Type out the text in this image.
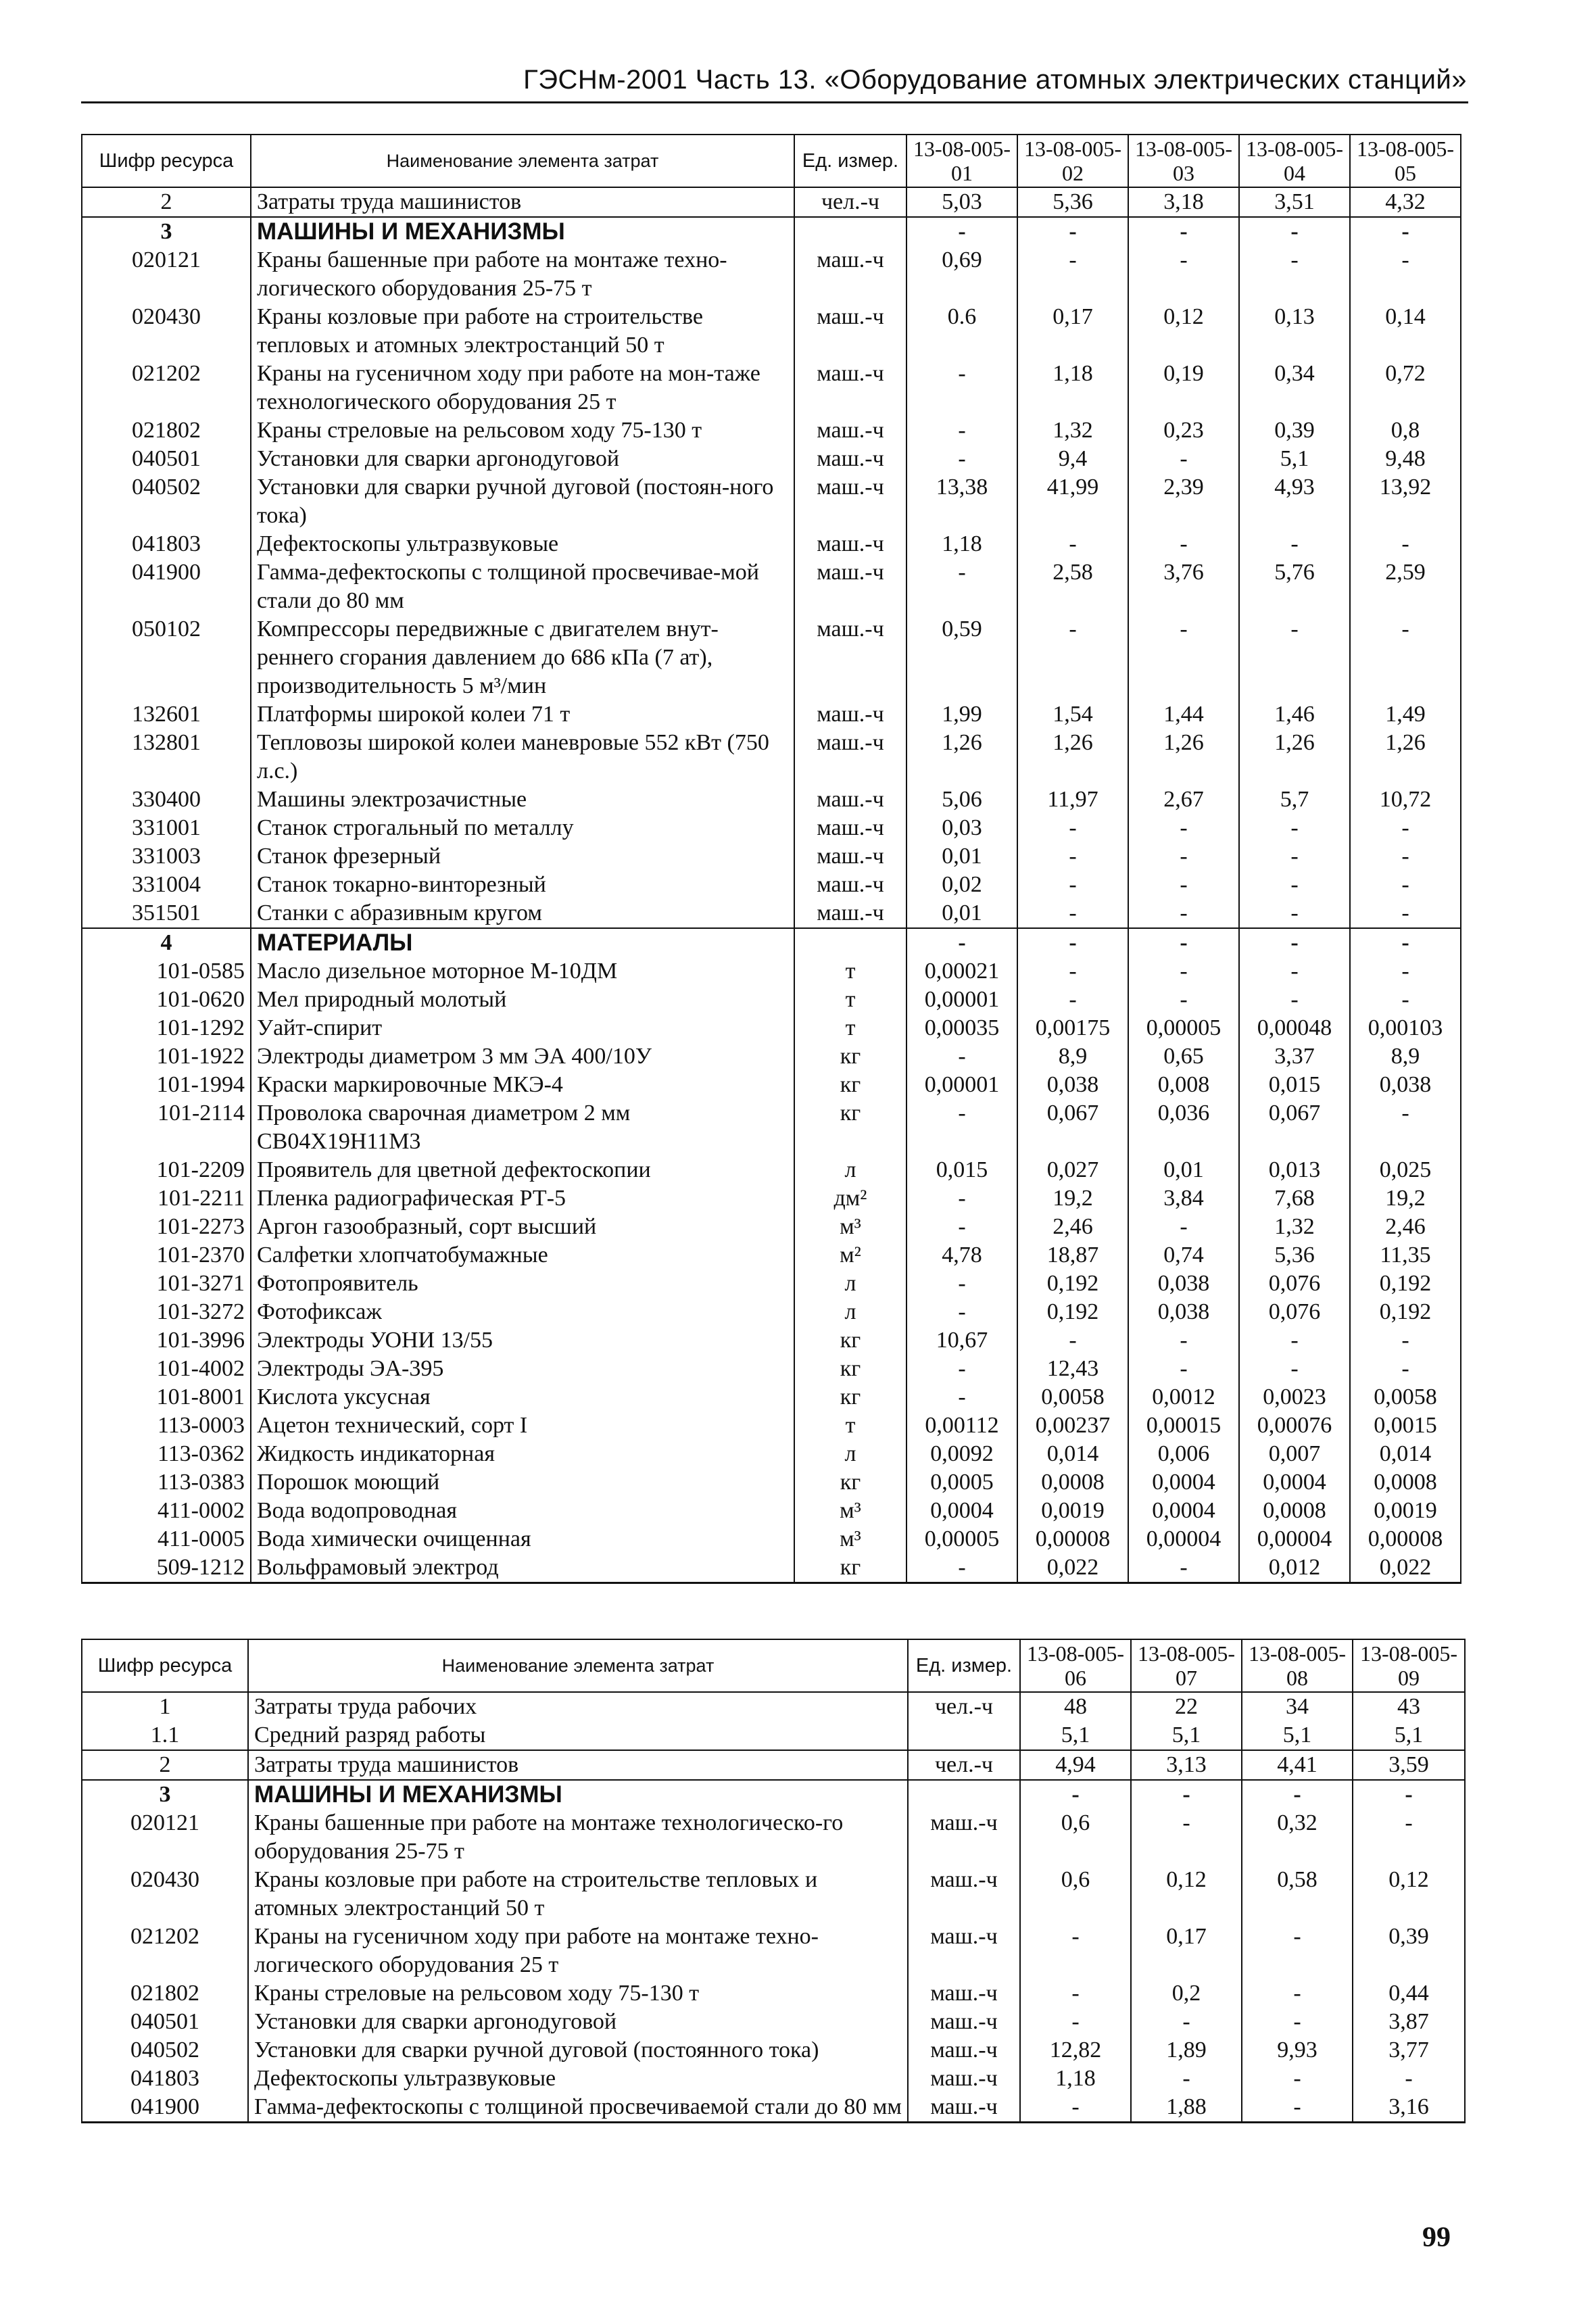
ГЭСНм-2001 Часть 13. «Оборудование атомных электрических станций»
Шифр ресурса	Наименование элемента затрат	Ед. измер.	13-08-005-01	13-08-005-02	13-08-005-03	13-08-005-04	13-08-005-05
2	Затраты труда машинистов	чел.-ч	5,03	5,36	3,18	3,51	4,32
3	МАШИНЫ И МЕХАНИЗМЫ		-	-	-	-	-
020121	Краны башенные при работе на монтаже техно-логического оборудования 25-75 т	маш.-ч	0,69	-	-	-	-
020430	Краны козловые при работе на строительстве тепловых и атомных электростанций 50 т	маш.-ч	0.6	0,17	0,12	0,13	0,14
021202	Краны на гусеничном ходу при работе на мон-таже технологического оборудования 25 т	маш.-ч	-	1,18	0,19	0,34	0,72
021802	Краны стреловые на рельсовом ходу 75-130 т	маш.-ч	-	1,32	0,23	0,39	0,8
040501	Установки для сварки аргонодуговой	маш.-ч	-	9,4	-	5,1	9,48
040502	Установки для сварки ручной дуговой (постоян-ного тока)	маш.-ч	13,38	41,99	2,39	4,93	13,92
041803	Дефектоскопы ультразвуковые	маш.-ч	1,18	-	-	-	-
041900	Гамма-дефектоскопы с толщиной просвечивае-мой стали до 80 мм	маш.-ч	-	2,58	3,76	5,76	2,59
050102	Компрессоры передвижные с двигателем внут-реннего сгорания давлением до 686 кПа (7 ат), производительность 5 м³/мин	маш.-ч	0,59	-	-	-	-
132601	Платформы широкой колеи 71 т	маш.-ч	1,99	1,54	1,44	1,46	1,49
132801	Тепловозы широкой колеи маневровые 552 кВт (750 л.с.)	маш.-ч	1,26	1,26	1,26	1,26	1,26
330400	Машины электрозачистные	маш.-ч	5,06	11,97	2,67	5,7	10,72
331001	Станок строгальный по металлу	маш.-ч	0,03	-	-	-	-
331003	Станок фрезерный	маш.-ч	0,01	-	-	-	-
331004	Станок токарно-винторезный	маш.-ч	0,02	-	-	-	-
351501	Станки с абразивным кругом	маш.-ч	0,01	-	-	-	-
4	МАТЕРИАЛЫ		-	-	-	-	-
101-0585	Масло дизельное моторное М-10ДМ	т	0,00021	-	-	-	-
101-0620	Мел природный молотый	т	0,00001	-	-	-	-
101-1292	Уайт-спирит	т	0,00035	0,00175	0,00005	0,00048	0,00103
101-1922	Электроды диаметром 3 мм ЭА 400/10У	кг	-	8,9	0,65	3,37	8,9
101-1994	Краски маркировочные МКЭ-4	кг	0,00001	0,038	0,008	0,015	0,038
101-2114	Проволока сварочная диаметром 2 мм СВ04Х19Н11М3	кг	-	0,067	0,036	0,067	-
101-2209	Проявитель для цветной дефектоскопии	л	0,015	0,027	0,01	0,013	0,025
101-2211	Пленка радиографическая РТ-5	дм²	-	19,2	3,84	7,68	19,2
101-2273	Аргон газообразный, сорт высший	м³	-	2,46	-	1,32	2,46
101-2370	Салфетки хлопчатобумажные	м²	4,78	18,87	0,74	5,36	11,35
101-3271	Фотопроявитель	л	-	0,192	0,038	0,076	0,192
101-3272	Фотофиксаж	л	-	0,192	0,038	0,076	0,192
101-3996	Электроды УОНИ 13/55	кг	10,67	-	-	-	-
101-4002	Электроды ЭА-395	кг	-	12,43	-	-	-
101-8001	Кислота уксусная	кг	-	0,0058	0,0012	0,0023	0,0058
113-0003	Ацетон технический, сорт I	т	0,00112	0,00237	0,00015	0,00076	0,0015
113-0362	Жидкость индикаторная	л	0,0092	0,014	0,006	0,007	0,014
113-0383	Порошок моющий	кг	0,0005	0,0008	0,0004	0,0004	0,0008
411-0002	Вода водопроводная	м³	0,0004	0,0019	0,0004	0,0008	0,0019
411-0005	Вода химически очищенная	м³	0,00005	0,00008	0,00004	0,00004	0,00008
509-1212	Вольфрамовый электрод	кг	-	0,022	-	0,012	0,022
Шифр ресурса	Наименование элемента затрат	Ед. измер.	13-08-005-06	13-08-005-07	13-08-005-08	13-08-005-09
1	Затраты труда рабочих	чел.-ч	48	22	34	43
1.1	Средний разряд работы		5,1	5,1	5,1	5,1
2	Затраты труда машинистов	чел.-ч	4,94	3,13	4,41	3,59
3	МАШИНЫ И МЕХАНИЗМЫ		-	-	-	-
020121	Краны башенные при работе на монтаже технологическо-го оборудования 25-75 т	маш.-ч	0,6	-	0,32	-
020430	Краны козловые при работе на строительстве тепловых и атомных электростанций 50 т	маш.-ч	0,6	0,12	0,58	0,12
021202	Краны на гусеничном ходу при работе на монтаже техно-логического оборудования 25 т	маш.-ч	-	0,17	-	0,39
021802	Краны стреловые на рельсовом ходу 75-130 т	маш.-ч	-	0,2	-	0,44
040501	Установки для сварки аргонодуговой	маш.-ч	-	-	-	3,87
040502	Установки для сварки ручной дуговой (постоянного тока)	маш.-ч	12,82	1,89	9,93	3,77
041803	Дефектоскопы ультразвуковые	маш.-ч	1,18	-	-	-
041900	Гамма-дефектоскопы с толщиной просвечиваемой стали до 80 мм	маш.-ч	-	1,88	-	3,16
99
